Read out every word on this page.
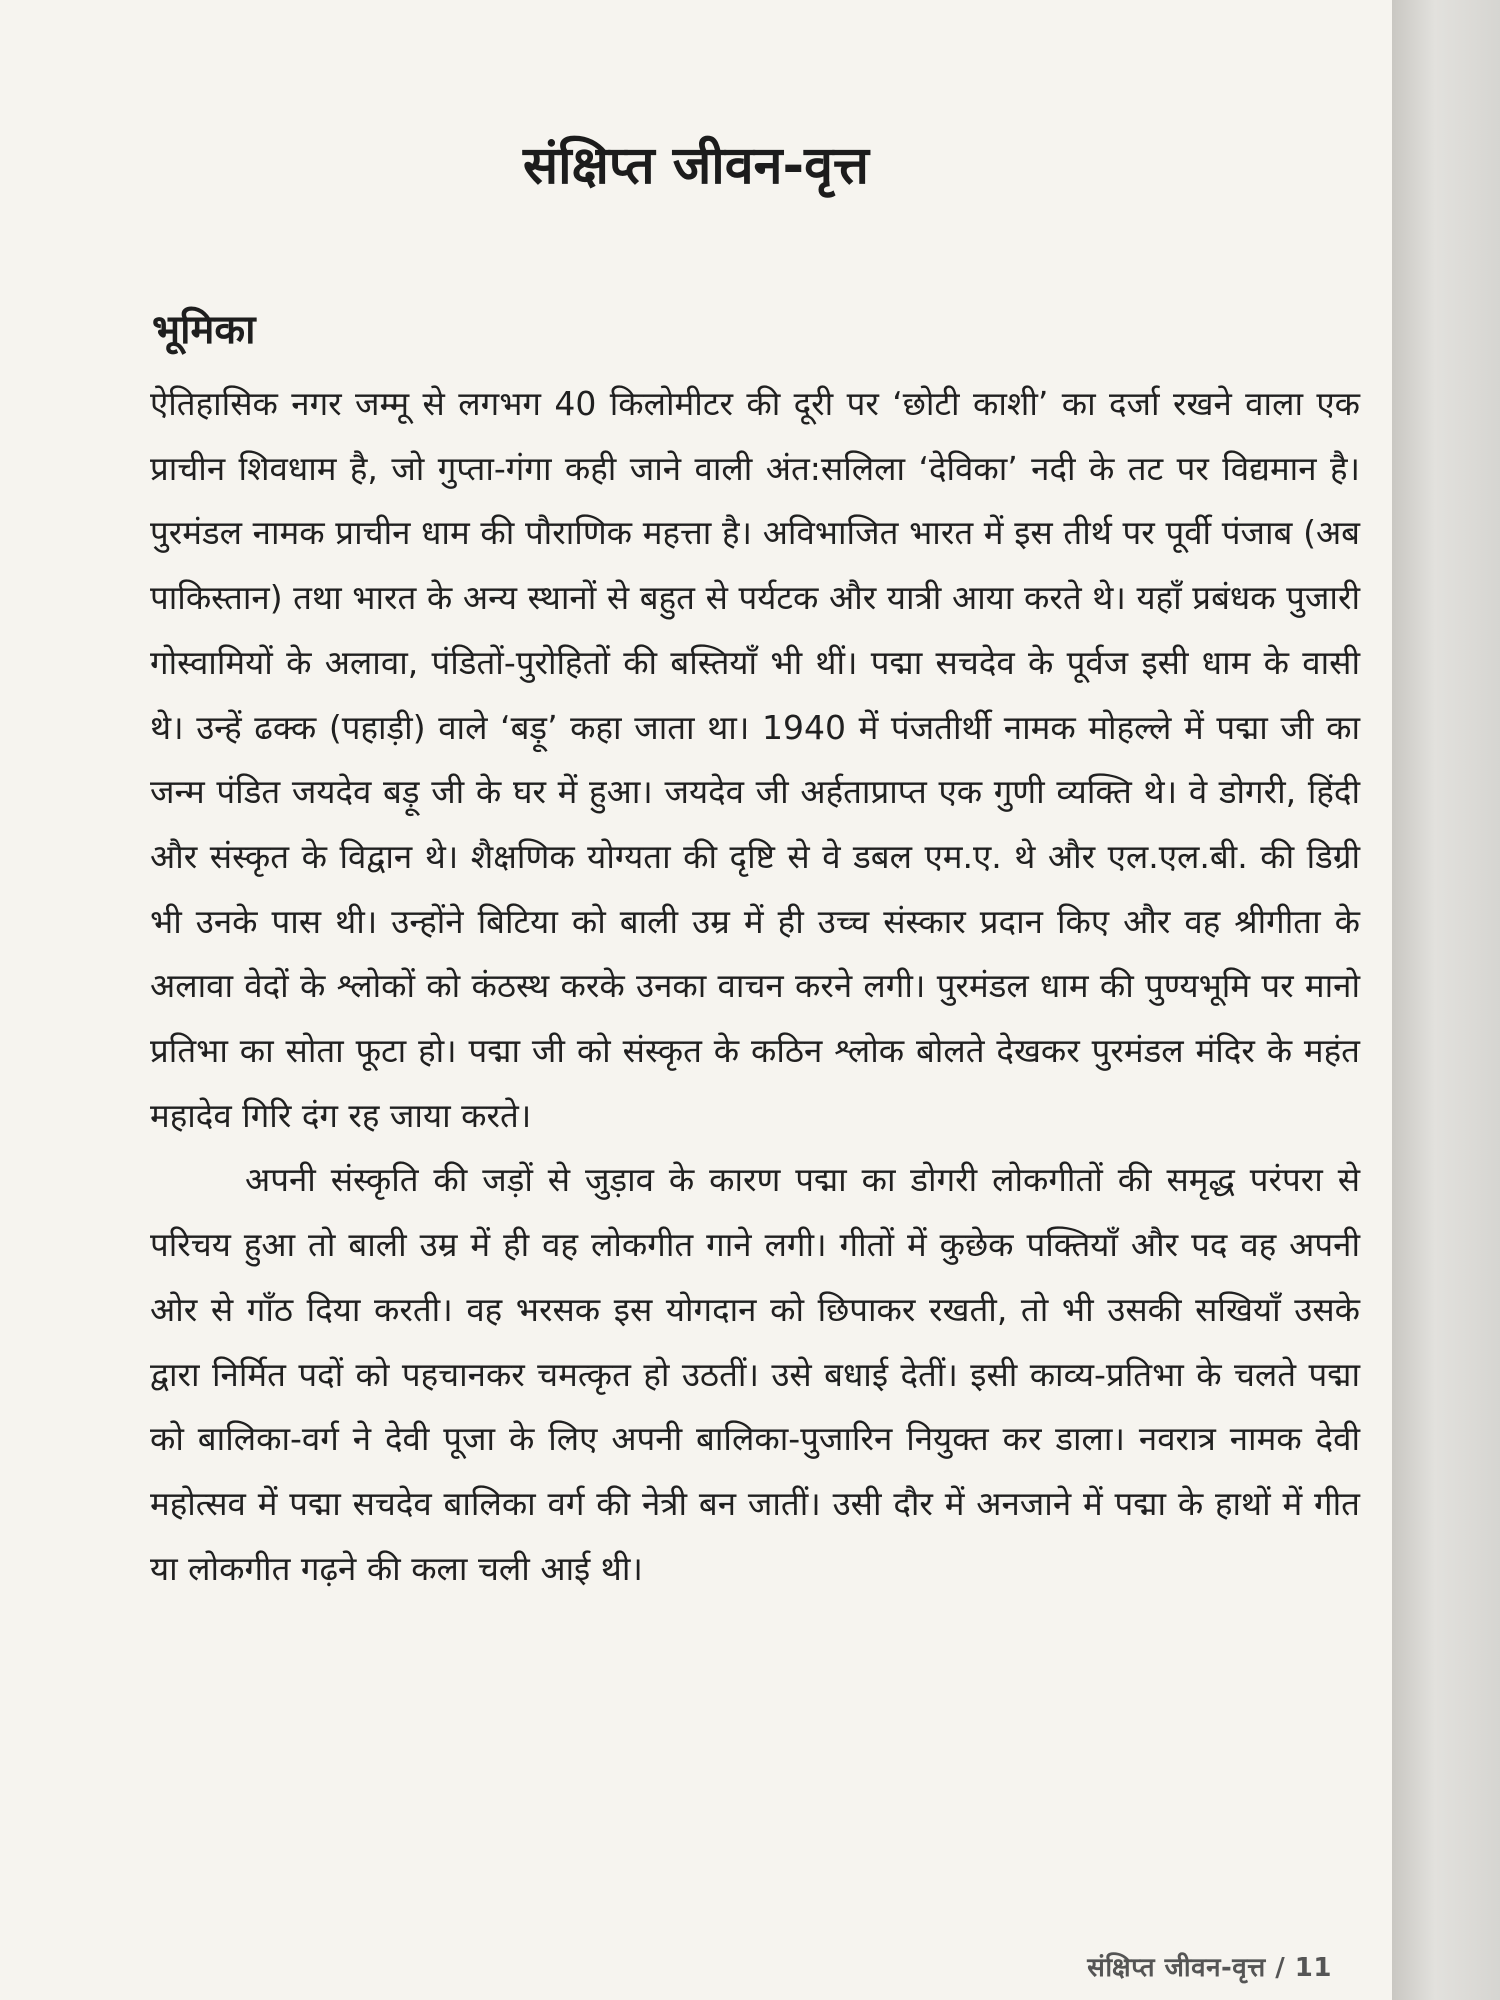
संक्षिप्त जीवन-वृत्त
भूमिका

ऐतिहासिक नगर जम्मू से लगभग 40 किलोमीटर की दूरी पर ‘छोटी काशी’ का दर्जा रखने वाला एक प्राचीन शिवधाम है, जो गुप्ता-गंगा कही जाने वाली अंत:सलिला ‘देविका’ नदी के तट पर विद्यमान है। पुरमंडल नामक प्राचीन धाम की पौराणिक महत्ता है। अविभाजित भारत में इस तीर्थ पर पूर्वी पंजाब (अब पाकिस्तान) तथा भारत के अन्य स्थानों से बहुत से पर्यटक और यात्री आया करते थे। यहाँ प्रबंधक पुजारी गोस्वामियों के अलावा, पंडितों-पुरोहितों की बस्तियाँ भी थीं। पद्मा सचदेव के पूर्वज इसी धाम के वासी थे। उन्हें ढक्क (पहाड़ी) वाले ‘बड़ू’ कहा जाता था। 1940 में पंजतीर्थी नामक मोहल्ले में पद्मा जी का जन्म पंडित जयदेव बड़ू जी के घर में हुआ। जयदेव जी अर्हताप्राप्त एक गुणी व्यक्ति थे। वे डोगरी, हिंदी और संस्कृत के विद्वान थे। शैक्षणिक योग्यता की दृष्टि से वे डबल एम.ए. थे और एल.एल.बी. की डिग्री भी उनके पास थी। उन्होंने बिटिया को बाली उम्र में ही उच्च संस्कार प्रदान किए और वह श्रीगीता के अलावा वेदों के श्लोकों को कंठस्थ करके उनका वाचन करने लगी। पुरमंडल धाम की पुण्यभूमि पर मानो प्रतिभा का सोता फूटा हो। पद्मा जी को संस्कृत के कठिन श्लोक बोलते देखकर पुरमंडल मंदिर के महंत महादेव गिरि दंग रह जाया करते।

अपनी संस्कृति की जड़ों से जुड़ाव के कारण पद्मा का डोगरी लोकगीतों की समृद्ध परंपरा से परिचय हुआ तो बाली उम्र में ही वह लोकगीत गाने लगी। गीतों में कुछेक पक्तियाँ और पद वह अपनी ओर से गाँठ दिया करती। वह भरसक इस योगदान को छिपाकर रखती, तो भी उसकी सखियाँ उसके द्वारा निर्मित पदों को पहचानकर चमत्कृत हो उठतीं। उसे बधाई देतीं। इसी काव्य-प्रतिभा के चलते पद्मा को बालिका-वर्ग ने देवी पूजा के लिए अपनी बालिका-पुजारिन नियुक्त कर डाला। नवरात्र नामक देवी महोत्सव में पद्मा सचदेव बालिका वर्ग की नेत्री बन जातीं। उसी दौर में अनजाने में पद्मा के हाथों में गीत या लोकगीत गढ़ने की कला चली आई थी।

संक्षिप्त जीवन-वृत्त / 11
